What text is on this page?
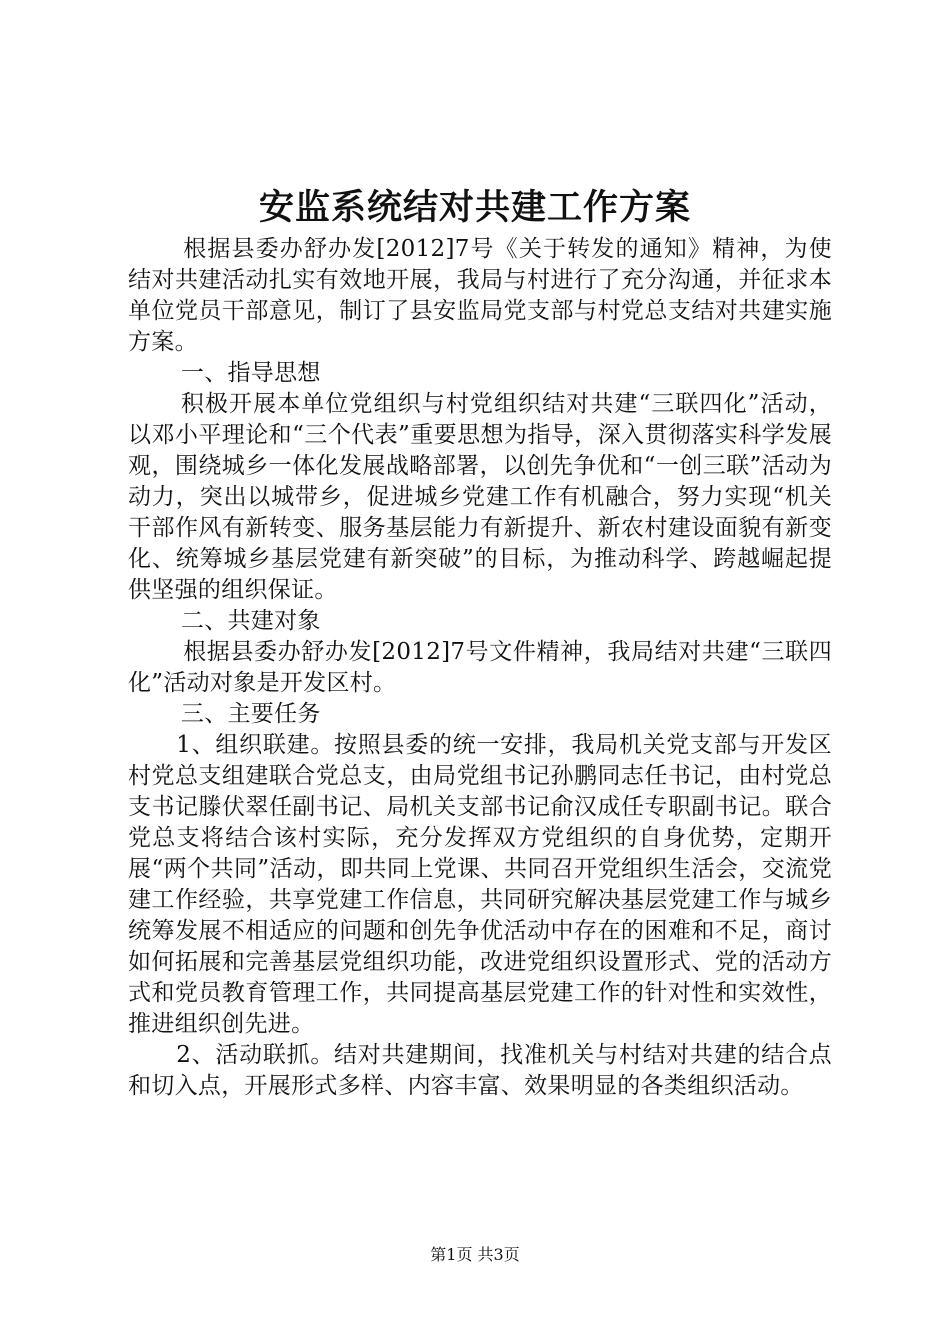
安监系统结对共建工作方案

根据县委办舒办发[2012]7号《关于转发的通知》精神，为使结对共建活动扎实有效地开展，我局与村进行了充分沟通，并征求本单位党员干部意见，制订了县安监局党支部与村党总支结对共建实施方案。

一、指导思想

积极开展本单位党组织与村党组织结对共建“三联四化”活动，以邓小平理论和“三个代表”重要思想为指导，深入贯彻落实科学发展观，围绕城乡一体化发展战略部署，以创先争优和“一创三联”活动为动力，突出以城带乡，促进城乡党建工作有机融合，努力实现“机关干部作风有新转变、服务基层能力有新提升、新农村建设面貌有新变化、统筹城乡基层党建有新突破”的目标，为推动科学、跨越崛起提供坚强的组织保证。

二、共建对象

根据县委办舒办发[2012]7号文件精神，我局结对共建“三联四化”活动对象是开发区村。

三、主要任务

1、组织联建。按照县委的统一安排，我局机关党支部与开发区村党总支组建联合党总支，由局党组书记孙鹏同志任书记，由村党总支书记滕伏翠任副书记、局机关支部书记俞汉成任专职副书记。联合党总支将结合该村实际，充分发挥双方党组织的自身优势，定期开展“两个共同”活动，即共同上党课、共同召开党组织生活会，交流党建工作经验，共享党建工作信息，共同研究解决基层党建工作与城乡统筹发展不相适应的问题和创先争优活动中存在的困难和不足，商讨如何拓展和完善基层党组织功能，改进党组织设置形式、党的活动方式和党员教育管理工作，共同提高基层党建工作的针对性和实效性，推进组织创先进。

2、活动联抓。结对共建期间，找准机关与村结对共建的结合点和切入点，开展形式多样、内容丰富、效果明显的各类组织活动。

第1页 共3页
